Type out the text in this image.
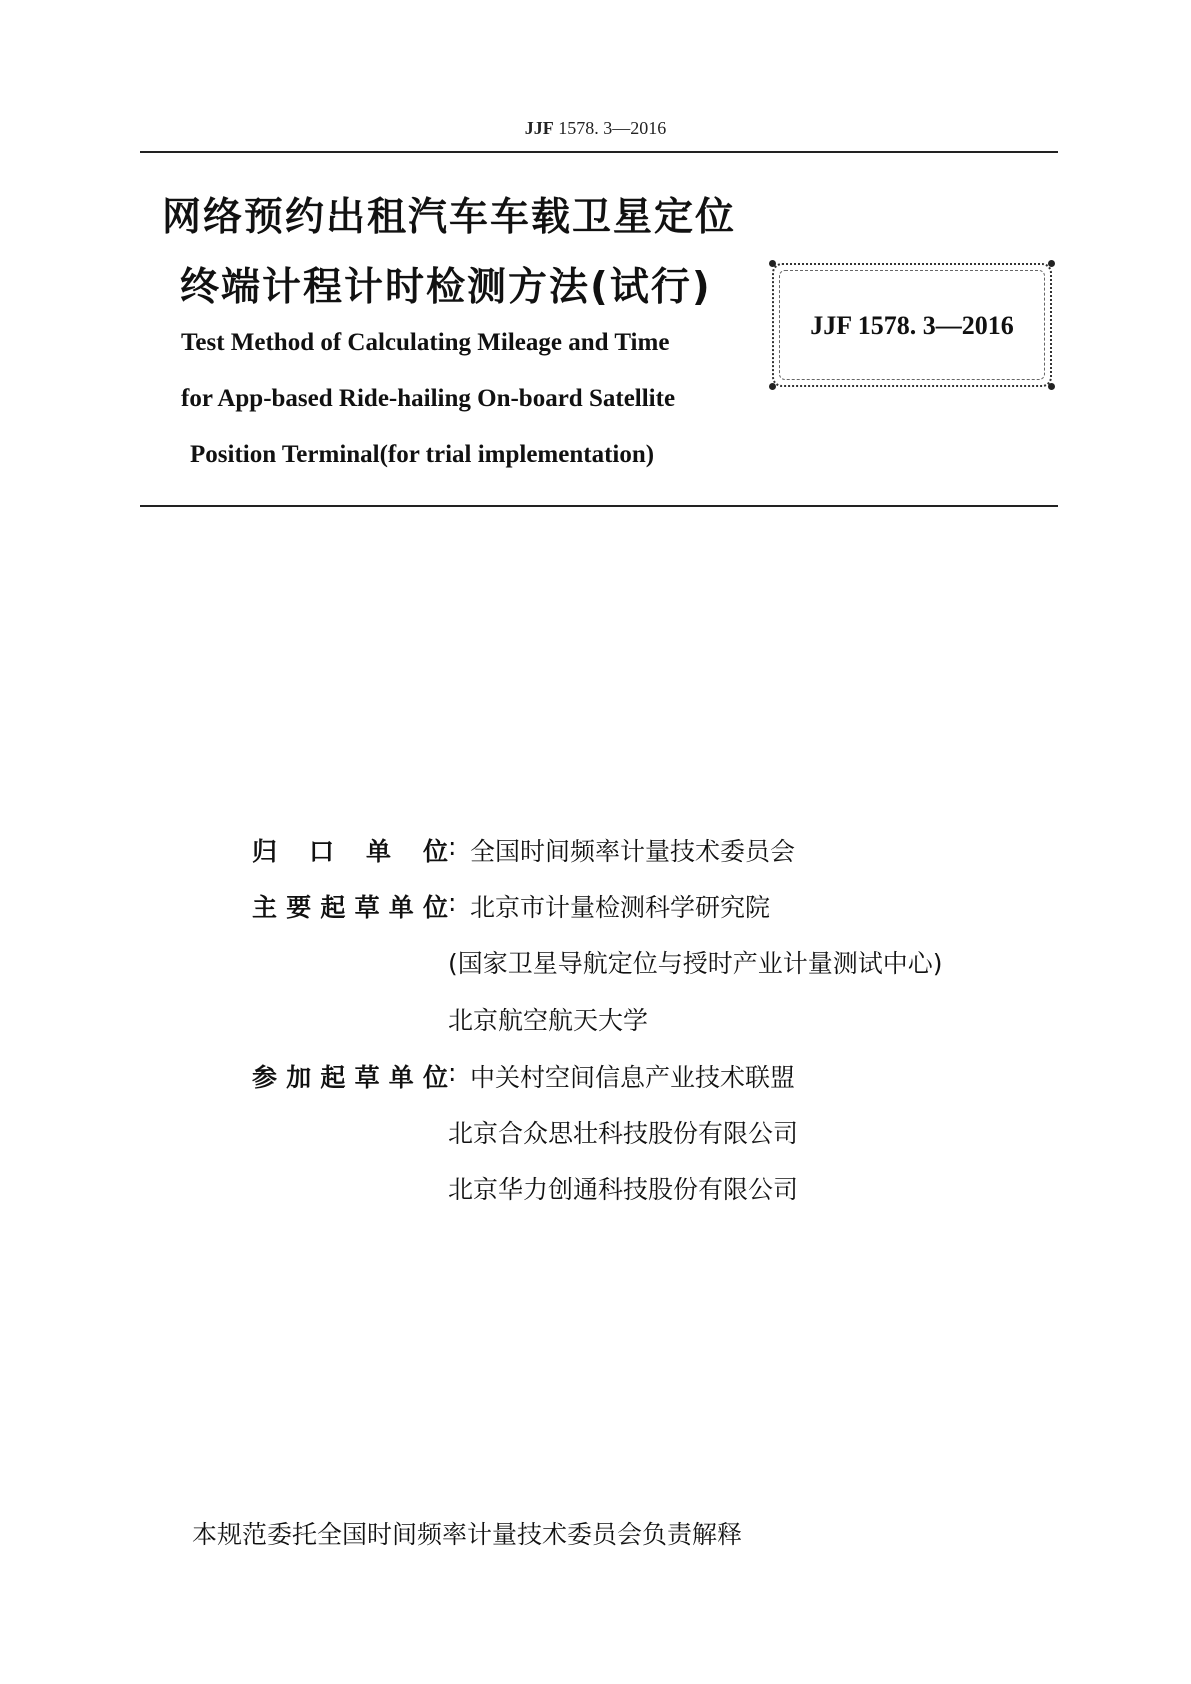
JJF 1578. 3—2016
网络预约出租汽车车载卫星定位
终端计程计时检测方法(试行)
Test Method of Calculating Mileage and Time
for App-based Ride-hailing On-board Satellite
Position Terminal(for trial implementation)
JJF 1578. 3—2016
归口单位 : 全国时间频率计量技术委员会
主要起草单位 : 北京市计量检测科学研究院
(国家卫星导航定位与授时产业计量测试中心)
北京航空航天大学
参加起草单位 : 中关村空间信息产业技术联盟
北京合众思壮科技股份有限公司
北京华力创通科技股份有限公司
本规范委托全国时间频率计量技术委员会负责解释
